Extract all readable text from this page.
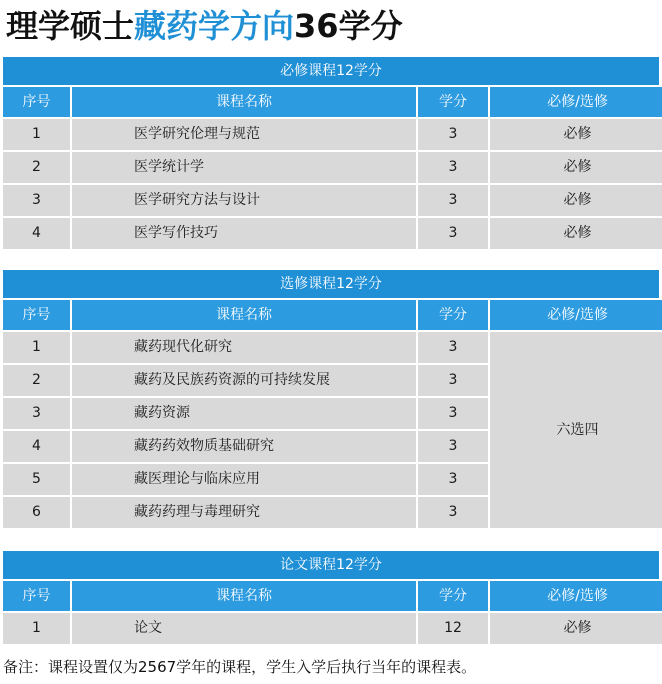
理学硕士藏药学方向36学分
必修课程12学分
序号	课程名称	学分	必修/选修
1	医学研究伦理与规范	3	必修
2	医学统计学	3	必修
3	医学研究方法与设计	3	必修
4	医学写作技巧	3	必修
选修课程12学分
序号	课程名称	学分	必修/选修
1	藏药现代化研究	3
2	藏药及民族药资源的可持续发展	3
3	藏药资源	3
4	藏药药效物质基础研究	3
5	藏医理论与临床应用	3
6	藏药药理与毒理研究	3
六选四
论文课程12学分
序号	课程名称	学分	必修/选修
1	论文	12	必修
备注：课程设置仅为2567学年的课程，学生入学后执行当年的课程表。
